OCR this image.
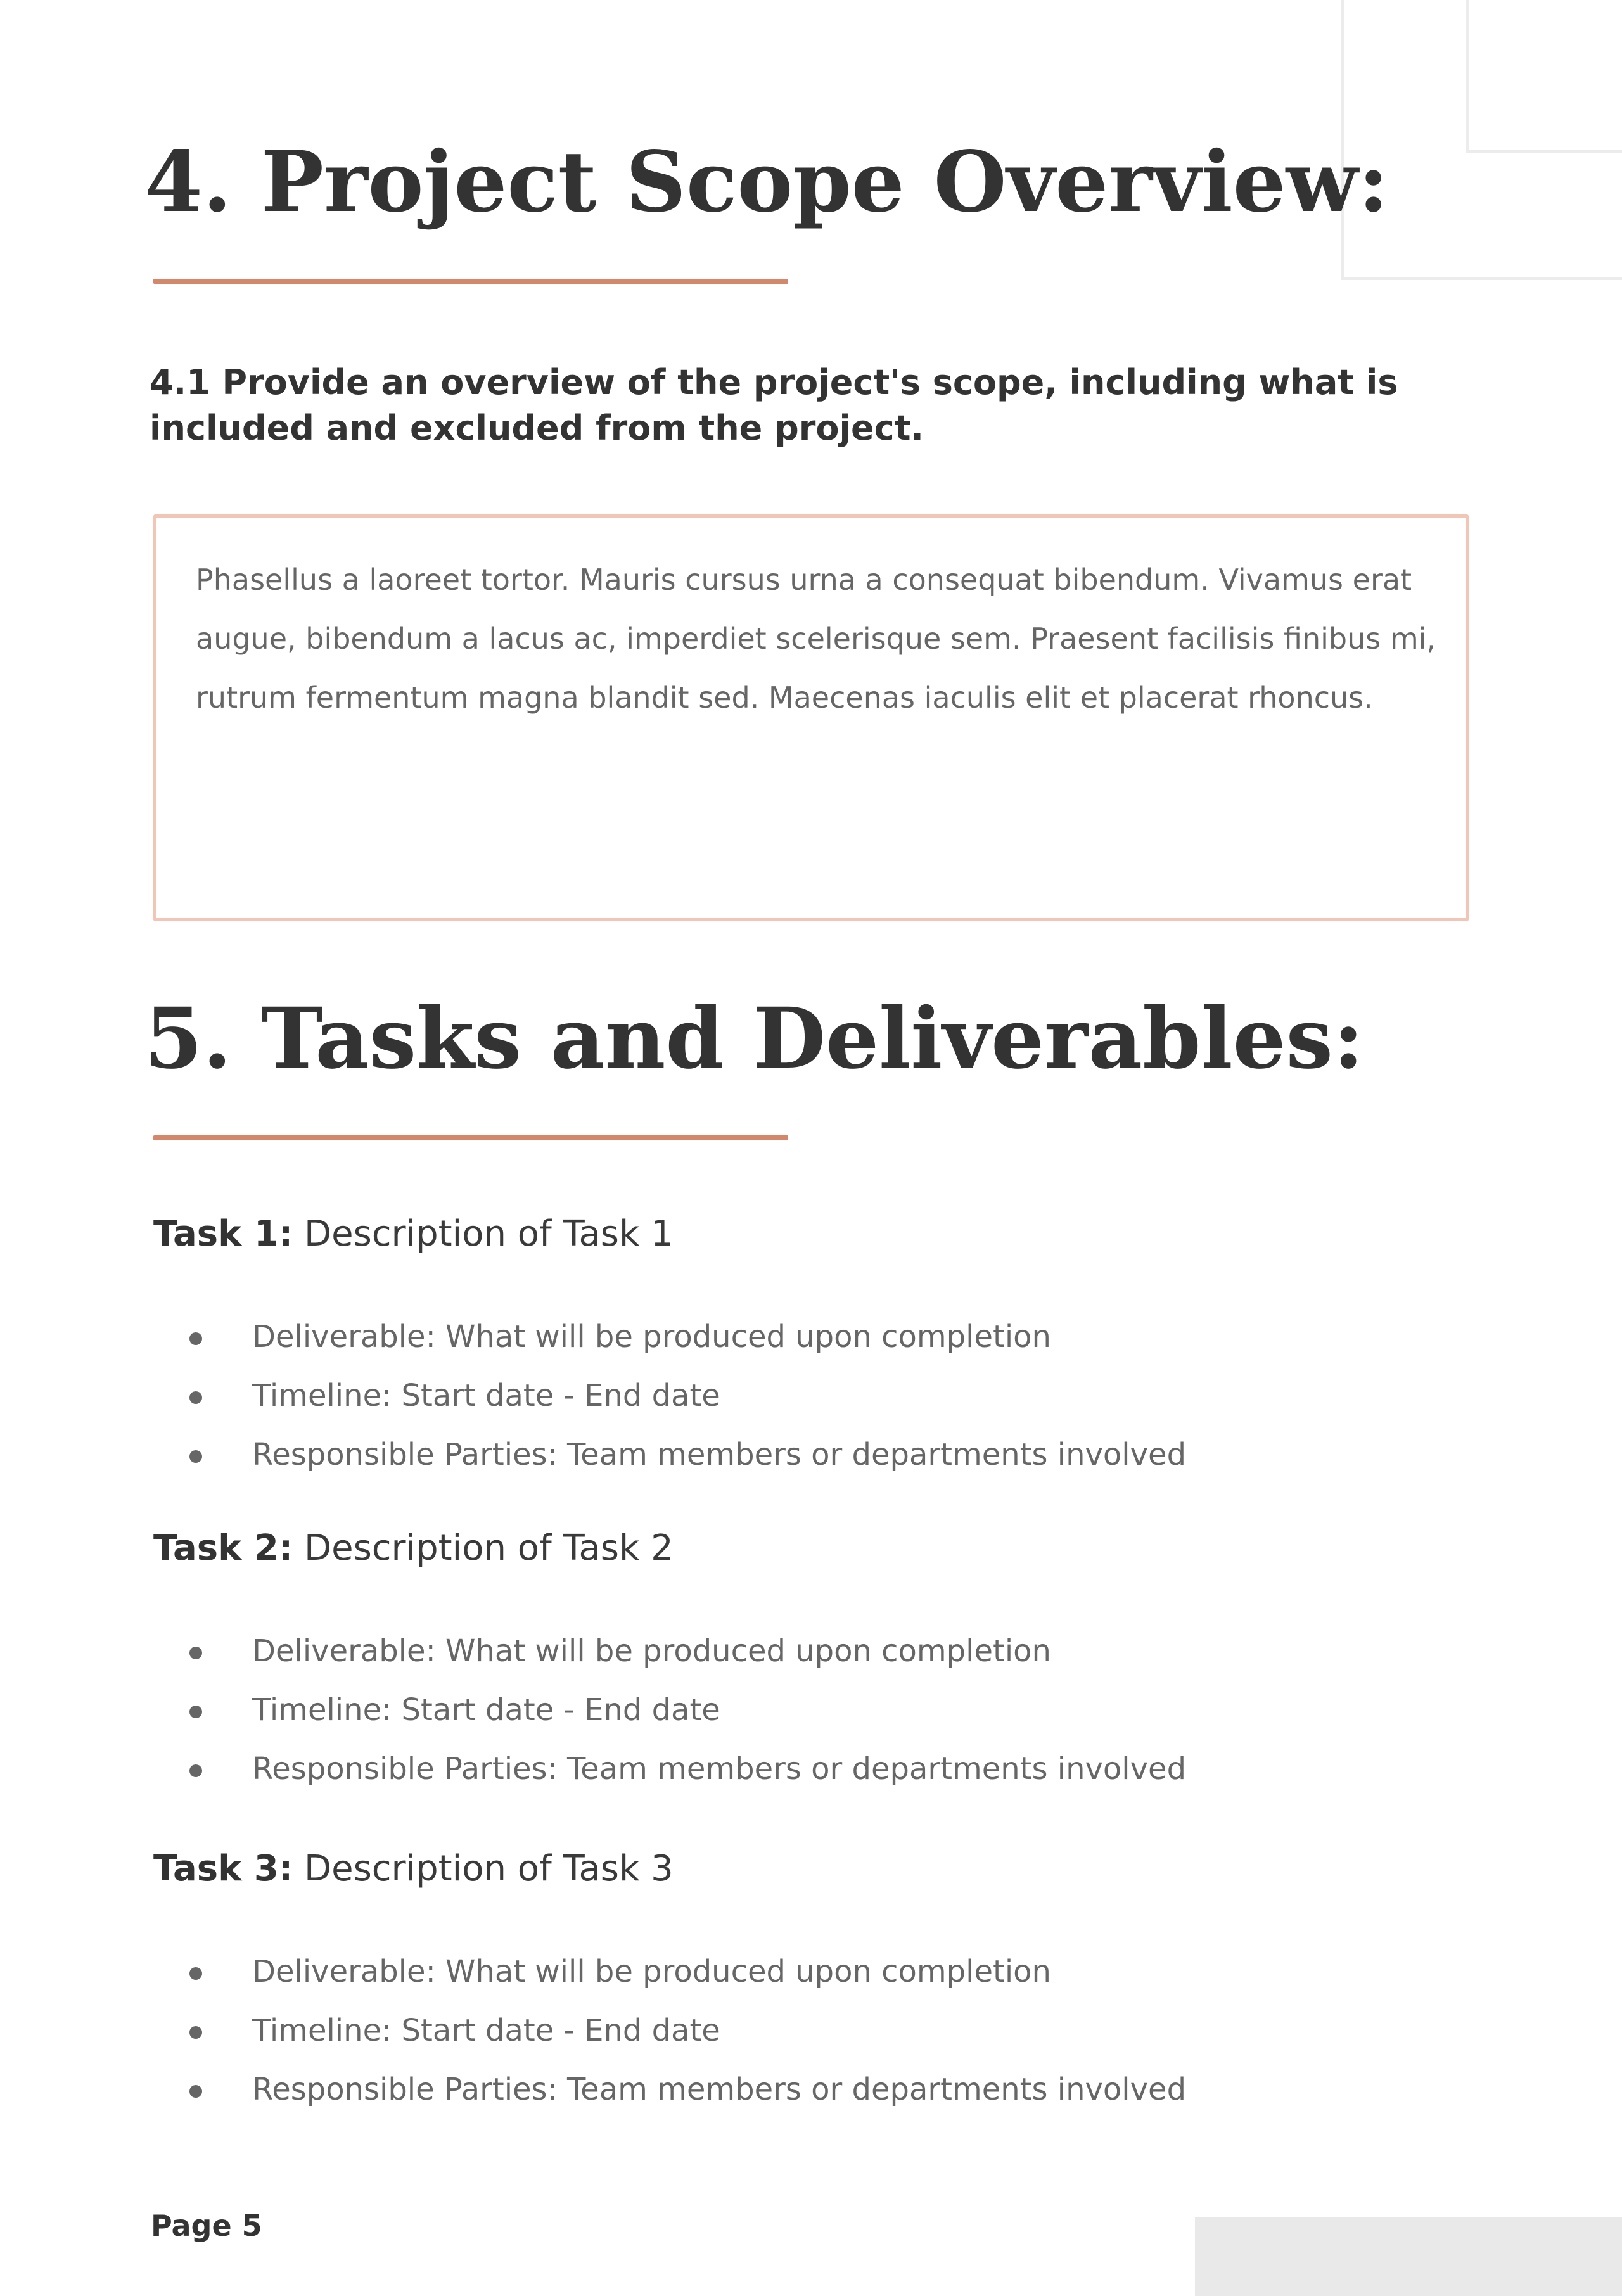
4. Project Scope Overview:

4.1 Provide an overview of the project's scope, including what is included and excluded from the project.

Phasellus a laoreet tortor. Mauris cursus urna a consequat bibendum. Vivamus erat augue, bibendum a lacus ac, imperdiet scelerisque sem. Praesent facilisis finibus mi, rutrum fermentum magna blandit sed. Maecenas iaculis elit et placerat rhoncus.

5. Tasks and Deliverables:

Task 1: Description of Task 1

Deliverable: What will be produced upon completion
Timeline: Start date - End date
Responsible Parties: Team members or departments involved

Task 2: Description of Task 2

Deliverable: What will be produced upon completion
Timeline: Start date - End date
Responsible Parties: Team members or departments involved

Task 3: Description of Task 3

Deliverable: What will be produced upon completion
Timeline: Start date - End date
Responsible Parties: Team members or departments involved

Page 5
